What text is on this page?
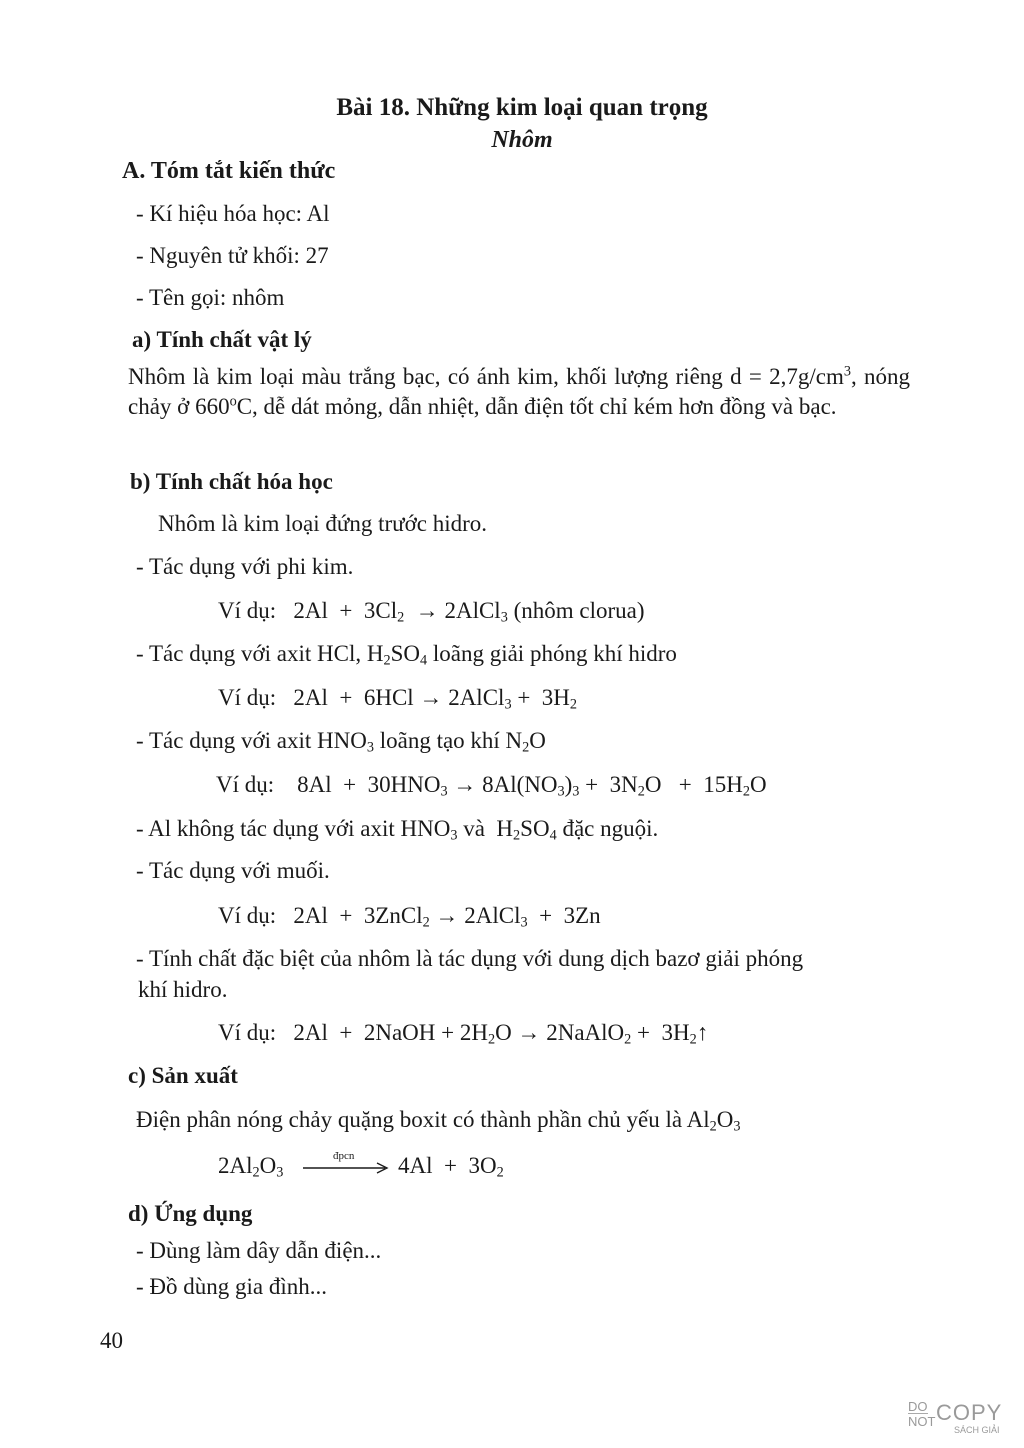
Bài 18. Những kim loại quan trọng
Nhôm
A. Tóm tắt kiến thức
- Kí hiệu hóa học: Al
- Nguyên tử khối: 27
- Tên gọi: nhôm
a) Tính chất vật lý
Nhôm là kim loại màu trắng bạc, có ánh kim, khối lượng riêng $d = 2,7g/cm^3$, nóng chảy ở 660$^o$C, dễ dát mỏng, dẫn nhiệt, dẫn điện tốt chỉ kém hơn đồng và bạc.
b) Tính chất hóa học
Nhôm là kim loại đứng trước hidro.
- Tác dụng với phi kim.
Ví dụ:   $2Al + 3Cl_2$  → 2AlCl$_3$ (nhôm clorua)
- Tác dụng với axit HCl, $H_2SO_4$ loãng giải phóng khí hidro
Ví dụ:   2Al  +  6HCl → 2AlCl$_3$ +  $3H_2$
- Tác dụng với axit $HNO_3$ loãng tạo khí $N_2O$
Ví dụ:    $8Al + 30HNO_3 \to 8Al(NO_3)_3 + 3N_2O + 15H_2O$
- Al không tác dụng với axit $HNO_3$ và  $H_2SO_4$ đặc nguội.
- Tác dụng với muối.
Ví dụ:   2Al  +  3ZnCl$_2$ → 2AlCl$_3$  +  3Zn
- Tính chất đặc biệt của nhôm là tác dụng với dung dịch bazơ giải phóng
khí hidro.
Ví dụ:   2Al  +  2NaOH + $2H_2O$ → 2NaAlO$_2$ +  $3H_2↑$
c) Sản xuất
Điện phân nóng chảy quặng boxit có thành phần chủ yếu là $Al_2O_3$
$2Al_2O_3$
đpcn $4Al + 3O_2$
d) Ứng dụng
- Dùng làm dây dẫn điện...
- Đồ dùng gia đình...
40
DO
NOT COPY
SÁCH GIẢI
